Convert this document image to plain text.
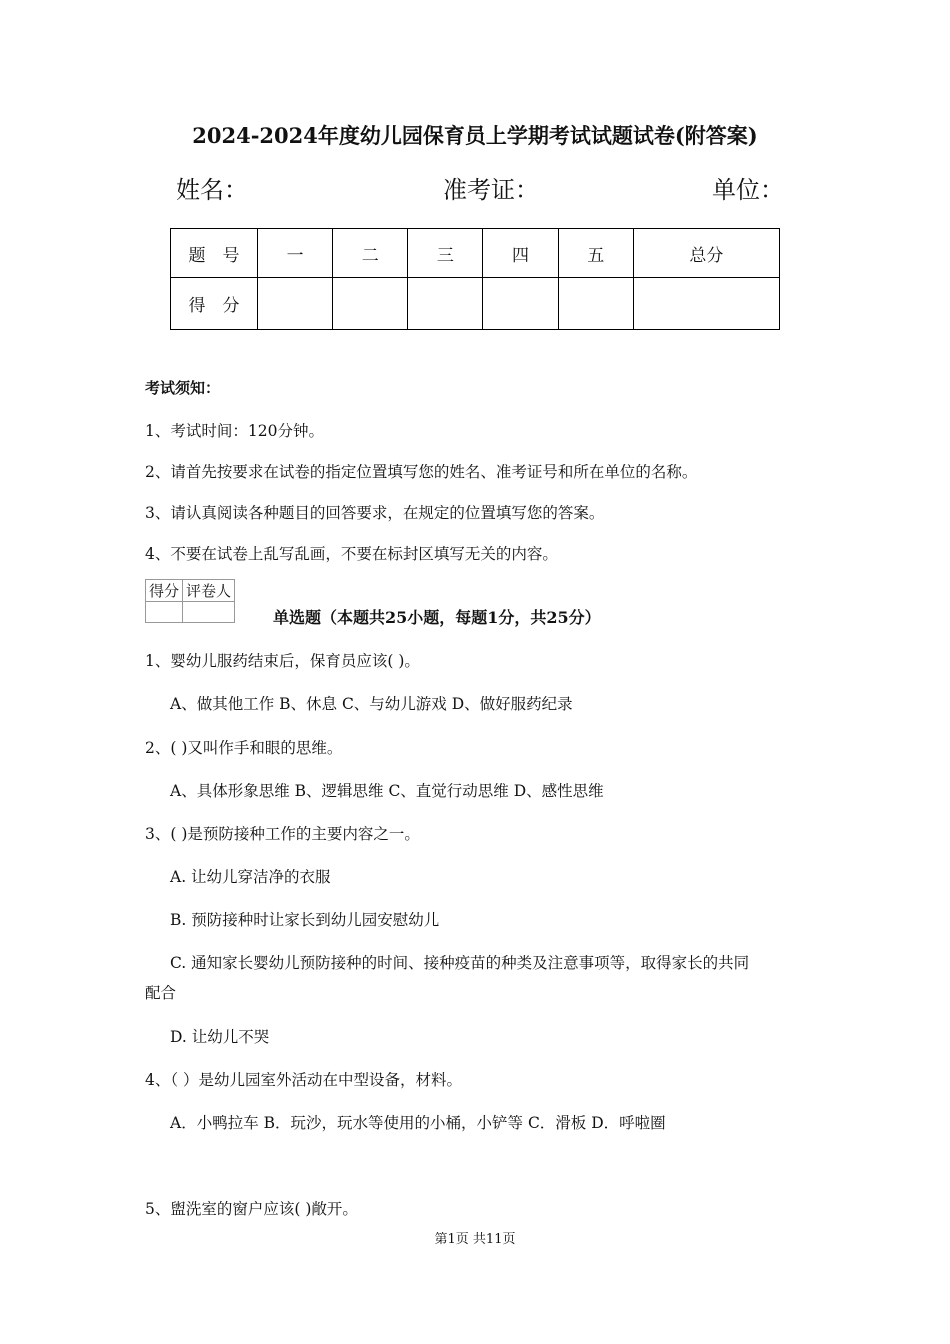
2024-2024年度幼儿园保育员上学期考试试题试卷(附答案)
姓名：	准考证：	单位：
题　号	一	二	三	四	五	总分
得　分						
考试须知：
1、考试时间：120分钟。
2、请首先按要求在试卷的指定位置填写您的姓名、准考证号和所在单位的名称。
3、请认真阅读各种题目的回答要求，在规定的位置填写您的答案。
4、不要在试卷上乱写乱画，不要在标封区填写无关的内容。
得分	评卷人

单选题（本题共25小题，每题1分，共25分）
1、婴幼儿服药结束后，保育员应该( )。
A、做其他工作 B、休息 C、与幼儿游戏 D、做好服药纪录
2、( )又叫作手和眼的思维。
A、具体形象思维 B、逻辑思维 C、直觉行动思维 D、感性思维
3、( )是预防接种工作的主要内容之一。
A. 让幼儿穿洁净的衣服
B. 预防接种时让家长到幼儿园安慰幼儿
C. 通知家长婴幼儿预防接种的时间、接种疫苗的种类及注意事项等，取得家长的共同
配合
D. 让幼儿不哭
4、（ ）是幼儿园室外活动在中型设备，材料。
A．小鸭拉车 B．玩沙，玩水等使用的小桶，小铲等 C．滑板 D．呼啦圈
5、盥洗室的窗户应该( )敞开。
第1页 共11页
